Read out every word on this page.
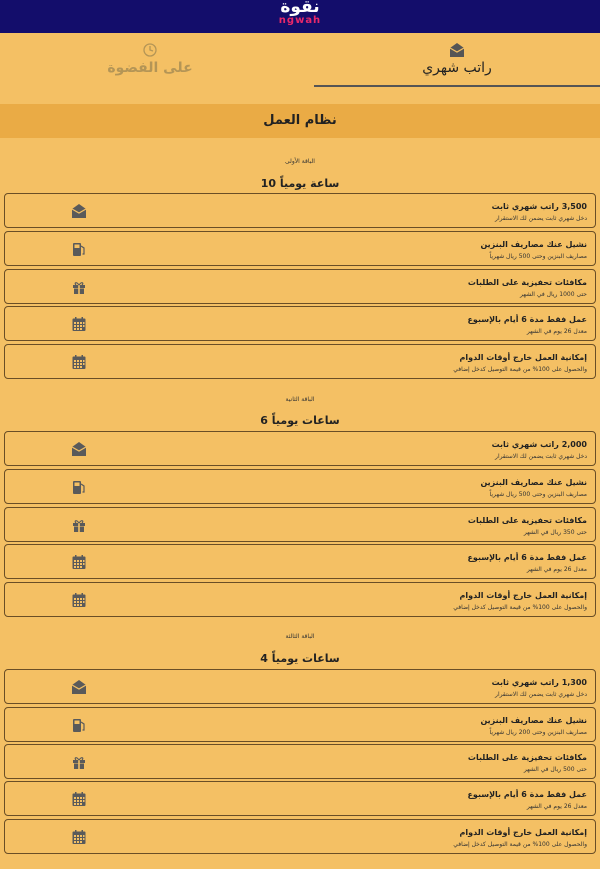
نقوة
ngwah
راتب شهري
على الفضوة
نظام العمل
الباقة الأولى
10 ساعة يومياً
3,500 راتب شهري ثابت
دخل شهري ثابت يضمن لك الاستقرار
نشيل عنك مصاريف البنزين
مصاريف البنزين وحتى 500 ريال شهرياً
مكافئات تحفيزية على الطلبات
حتى 1000 ريال في الشهر
عمل فقط مدة 6 أيام بالإسبوع
معدل 26 يوم في الشهر
إمكانية العمل خارج أوقات الدوام
والحصول على 100% من قيمة التوصيل كدخل إضافي
الباقة الثانية
6 ساعات يومياً
2,000 راتب شهري ثابت
دخل شهري ثابت يضمن لك الاستقرار
نشيل عنك مصاريف البنزين
مصاريف البنزين وحتى 500 ريال شهرياً
مكافئات تحفيزية على الطلبات
حتى 350 ريال في الشهر
عمل فقط مدة 6 أيام بالإسبوع
معدل 26 يوم في الشهر
إمكانية العمل خارج أوقات الدوام
والحصول على 100% من قيمة التوصيل كدخل إضافي
الباقة الثالثة
4 ساعات يومياً
1,300 راتب شهري ثابت
دخل شهري ثابت يضمن لك الاستقرار
نشيل عنك مصاريف البنزين
مصاريف البنزين وحتى 200 ريال شهرياً
مكافئات تحفيزية على الطلبات
حتى 500 ريال في الشهر
عمل فقط مدة 6 أيام بالإسبوع
معدل 26 يوم في الشهر
إمكانية العمل خارج أوقات الدوام
والحصول على 100% من قيمة التوصيل كدخل إضافي
